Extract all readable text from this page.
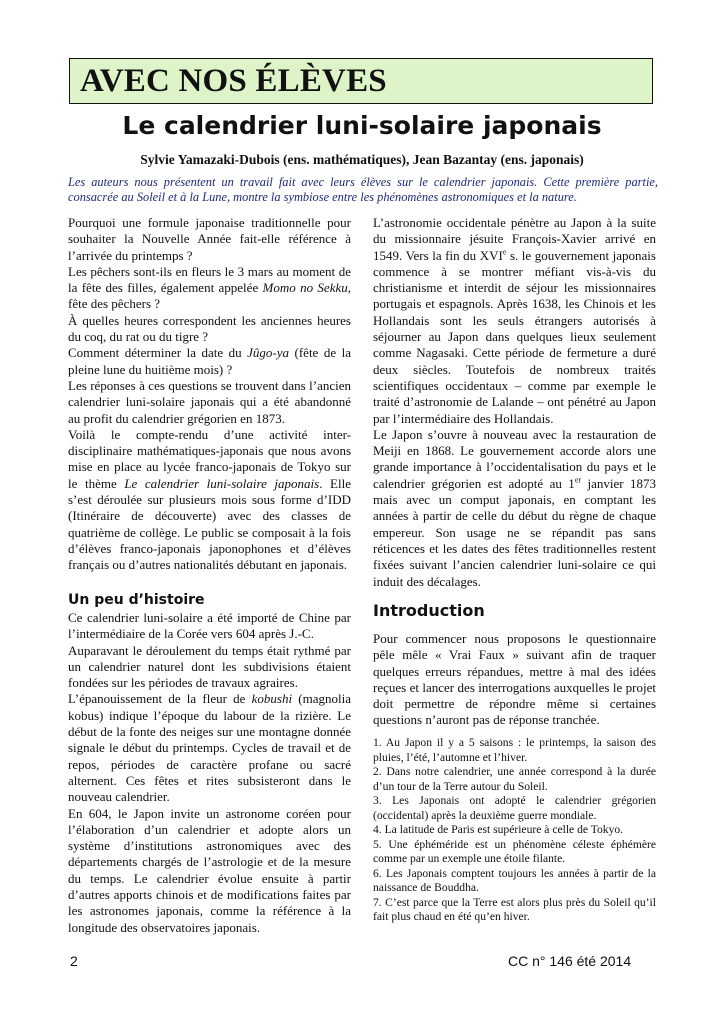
AVEC NOS ÉLÈVES
Le calendrier luni-solaire japonais
Sylvie Yamazaki-Dubois (ens. mathématiques), Jean Bazantay (ens. japonais)
Les auteurs nous présentent un travail fait avec leurs élèves sur le calendrier japonais. Cette première partie, consacrée au Soleil et à la Lune, montre la symbiose entre les phénomènes astronomiques et la nature.

Pourquoi une formule japonaise traditionnelle pour souhaiter la Nouvelle Année fait-elle référence à l’arrivée du printemps ?

Les pêchers sont-ils en fleurs le 3 mars au moment de la fête des filles, également appelée Momo no Sekku, fête des pêchers ?

À quelles heures correspondent les anciennes heures du coq, du rat ou du tigre ?

Comment déterminer la date du Jûgo-ya (fête de la pleine lune du huitième mois) ?

Les réponses à ces questions se trouvent dans l’ancien calendrier luni-solaire japonais qui a été abandonné au profit du calendrier grégorien en 1873.

Voilà le compte-rendu d’une activité inter-disciplinaire mathématiques-japonais que nous avons mise en place au lycée franco-japonais de Tokyo sur le thème Le calendrier luni-solaire japonais. Elle s’est déroulée sur plusieurs mois sous forme d’IDD (Itinéraire de découverte) avec des classes de quatrième de collège. Le public se composait à la fois d’élèves franco-japonais japonophones et d’élèves français ou d’autres nationalités débutant en japonais.

Un peu d’histoire

Ce calendrier luni-solaire a été importé de Chine par l’intermédiaire de la Corée vers 604 après J.-C.

Auparavant le déroulement du temps était rythmé par un calendrier naturel dont les subdivisions étaient fondées sur les périodes de travaux agraires.

L’épanouissement de la fleur de kobushi (magnolia kobus) indique l’époque du labour de la rizière. Le début de la fonte des neiges sur une montagne donnée signale le début du printemps. Cycles de travail et de repos, périodes de caractère profane ou sacré alternent. Ces fêtes et rites subsisteront dans le nouveau calendrier.

En 604, le Japon invite un astronome coréen pour l’élaboration d’un calendrier et adopte alors un système d’institutions astronomiques avec des départements chargés de l’astrologie et de la mesure du temps. Le calendrier évolue ensuite à partir d’autres apports chinois et de modifications faites par les astronomes japonais, comme la référence à la longitude des observatoires japonais.

L’astronomie occidentale pénètre au Japon à la suite du missionnaire jésuite François-Xavier arrivé en 1549. Vers la fin du XVIe s. le gouvernement japonais commence à se montrer méfiant vis-à-vis du christianisme et interdit de séjour les missionnaires portugais et espagnols. Après 1638, les Chinois et les Hollandais sont les seuls étrangers autorisés à séjourner au Japon dans quelques lieux seulement comme Nagasaki. Cette période de fermeture a duré deux siècles. Toutefois de nombreux traités scientifiques occidentaux – comme par exemple le traité d’astronomie de Lalande – ont pénétré au Japon par l’intermédiaire des Hollandais.

Le Japon s’ouvre à nouveau avec la restauration de Meiji en 1868. Le gouvernement accorde alors une grande importance à l’occidentalisation du pays et le calendrier grégorien est adopté au 1er janvier 1873 mais avec un comput japonais, en comptant les années à partir de celle du début du règne de chaque empereur. Son usage ne se répandit pas sans réticences et les dates des fêtes traditionnelles restent fixées suivant l’ancien calendrier luni-solaire ce qui induit des décalages.

Introduction

Pour commencer nous proposons le questionnaire pêle mêle « Vrai Faux » suivant afin de traquer quelques erreurs répandues, mettre à mal des idées reçues et lancer des interrogations auxquelles le projet doit permettre de répondre même si certaines questions n’auront pas de réponse tranchée.

1. Au Japon il y a 5 saisons : le printemps, la saison des pluies, l’été, l’automne et l’hiver.

2. Dans notre calendrier, une année correspond à la durée d’un tour de la Terre autour du Soleil.

3. Les Japonais ont adopté le calendrier grégorien (occidental) après la deuxième guerre mondiale.

4. La latitude de Paris est supérieure à celle de Tokyo.

5. Une éphéméride est un phénomène céleste éphémère comme par un exemple une étoile filante.

6. Les Japonais comptent toujours les années à partir de la naissance de Bouddha.

7. C’est parce que la Terre est alors plus près du Soleil qu’il fait plus chaud en été qu’en hiver.

2	CC n° 146 été 2014
